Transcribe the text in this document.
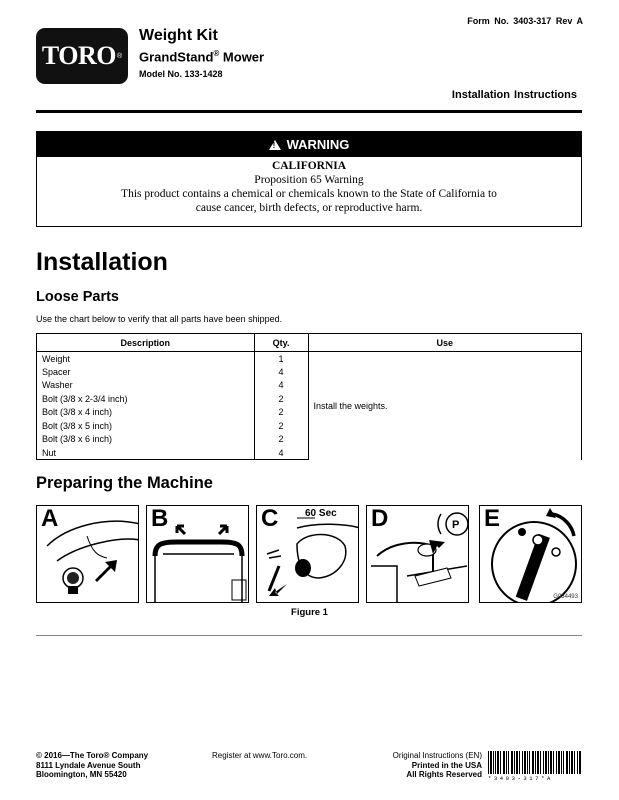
TORO ®
Weight Kit
GrandStand® Mower
Model No. 133-1428
Form No. 3403-317 Rev A
Installation Instructions
! WARNING
CALIFORNIA
Proposition 65 Warning
This product contains a chemical or chemicals known to the State of California to
cause cancer, birth defects, or reproductive harm.
Installation
Loose Parts
Use the chart below to verify that all parts have been shipped.
Description	Qty.	Use
Weight	1	Install the weights.
Spacer	4	
Washer	4	
Bolt (3/8 x 2-3/4 inch)	2	
Bolt (3/8 x 4 inch)	2	
Bolt (3/8 x 5 inch)	2	
Bolt (3/8 x 6 inch)	2	
Nut	4	
Preparing the Machine
A	B	C	60 Sec
P
D	E
G034493
Figure 1
© 2016—The Toro® Company
8111 Lyndale Avenue South
Bloomington, MN 55420
Register at www.Toro.com.	Original Instructions (EN)
Printed in the USA
All Rights Reserved *3403-317*A
